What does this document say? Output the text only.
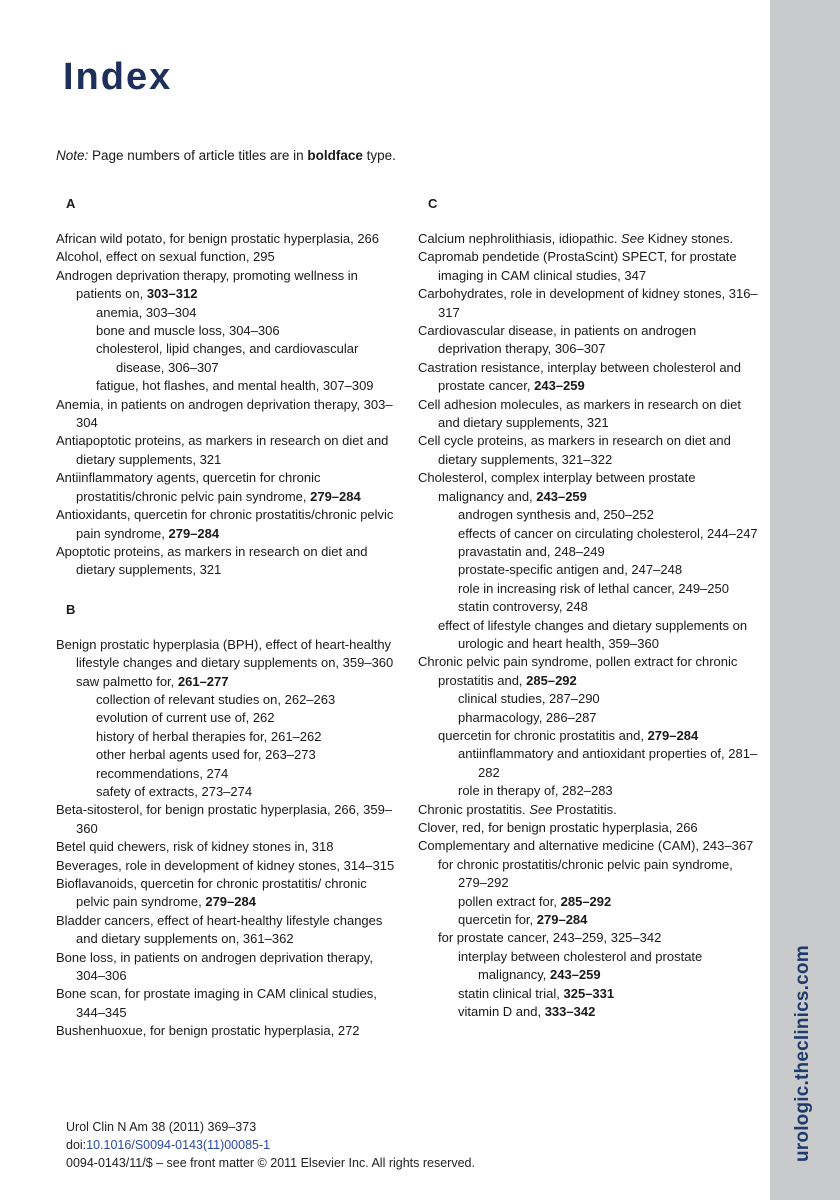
urologic.theclinics.com
Index
Note: Page numbers of article titles are in boldface type.
A

African wild potato, for benign prostatic hyperplasia, 266

Alcohol, effect on sexual function, 295

Androgen deprivation therapy, promoting wellness in patients on, 303–312

anemia, 303–304

bone and muscle loss, 304–306

cholesterol, lipid changes, and cardiovascular disease, 306–307

fatigue, hot flashes, and mental health, 307–309

Anemia, in patients on androgen deprivation therapy, 303–304

Antiapoptotic proteins, as markers in research on diet and dietary supplements, 321

Antiinflammatory agents, quercetin for chronic prostatitis/chronic pelvic pain syndrome, 279–284

Antioxidants, quercetin for chronic prostatitis/chronic pelvic pain syndrome, 279–284

Apoptotic proteins, as markers in research on diet and dietary supplements, 321

B

Benign prostatic hyperplasia (BPH), effect of heart-healthy lifestyle changes and dietary supplements on, 359–360

saw palmetto for, 261–277

collection of relevant studies on, 262–263

evolution of current use of, 262

history of herbal therapies for, 261–262

other herbal agents used for, 263–273

recommendations, 274

safety of extracts, 273–274

Beta-sitosterol, for benign prostatic hyperplasia, 266, 359–360

Betel quid chewers, risk of kidney stones in, 318

Beverages, role in development of kidney stones, 314–315

Bioflavanoids, quercetin for chronic prostatitis/ chronic pelvic pain syndrome, 279–284

Bladder cancers, effect of heart-healthy lifestyle changes and dietary supplements on, 361–362

Bone loss, in patients on androgen deprivation therapy, 304–306

Bone scan, for prostate imaging in CAM clinical studies, 344–345

Bushenhuoxue, for benign prostatic hyperplasia, 272

C

Calcium nephrolithiasis, idiopathic. See Kidney stones.

Capromab pendetide (ProstaScint) SPECT, for prostate imaging in CAM clinical studies, 347

Carbohydrates, role in development of kidney stones, 316–317

Cardiovascular disease, in patients on androgen deprivation therapy, 306–307

Castration resistance, interplay between cholesterol and prostate cancer, 243–259

Cell adhesion molecules, as markers in research on diet and dietary supplements, 321

Cell cycle proteins, as markers in research on diet and dietary supplements, 321–322

Cholesterol, complex interplay between prostate malignancy and, 243–259

androgen synthesis and, 250–252

effects of cancer on circulating cholesterol, 244–247

pravastatin and, 248–249

prostate-specific antigen and, 247–248

role in increasing risk of lethal cancer, 249–250

statin controversy, 248

effect of lifestyle changes and dietary supplements on urologic and heart health, 359–360

Chronic pelvic pain syndrome, pollen extract for chronic prostatitis and, 285–292

clinical studies, 287–290

pharmacology, 286–287

quercetin for chronic prostatitis and, 279–284

antiinflammatory and antioxidant properties of, 281–282

role in therapy of, 282–283

Chronic prostatitis. See Prostatitis.

Clover, red, for benign prostatic hyperplasia, 266

Complementary and alternative medicine (CAM), 243–367

for chronic prostatitis/chronic pelvic pain syndrome, 279–292

pollen extract for, 285–292

quercetin for, 279–284

for prostate cancer, 243–259, 325–342

interplay between cholesterol and prostate malignancy, 243–259

statin clinical trial, 325–331

vitamin D and, 333–342

Urol Clin N Am 38 (2011) 369–373
doi:10.1016/S0094-0143(11)00085-1
0094-0143/11/$ – see front matter © 2011 Elsevier Inc. All rights reserved.
